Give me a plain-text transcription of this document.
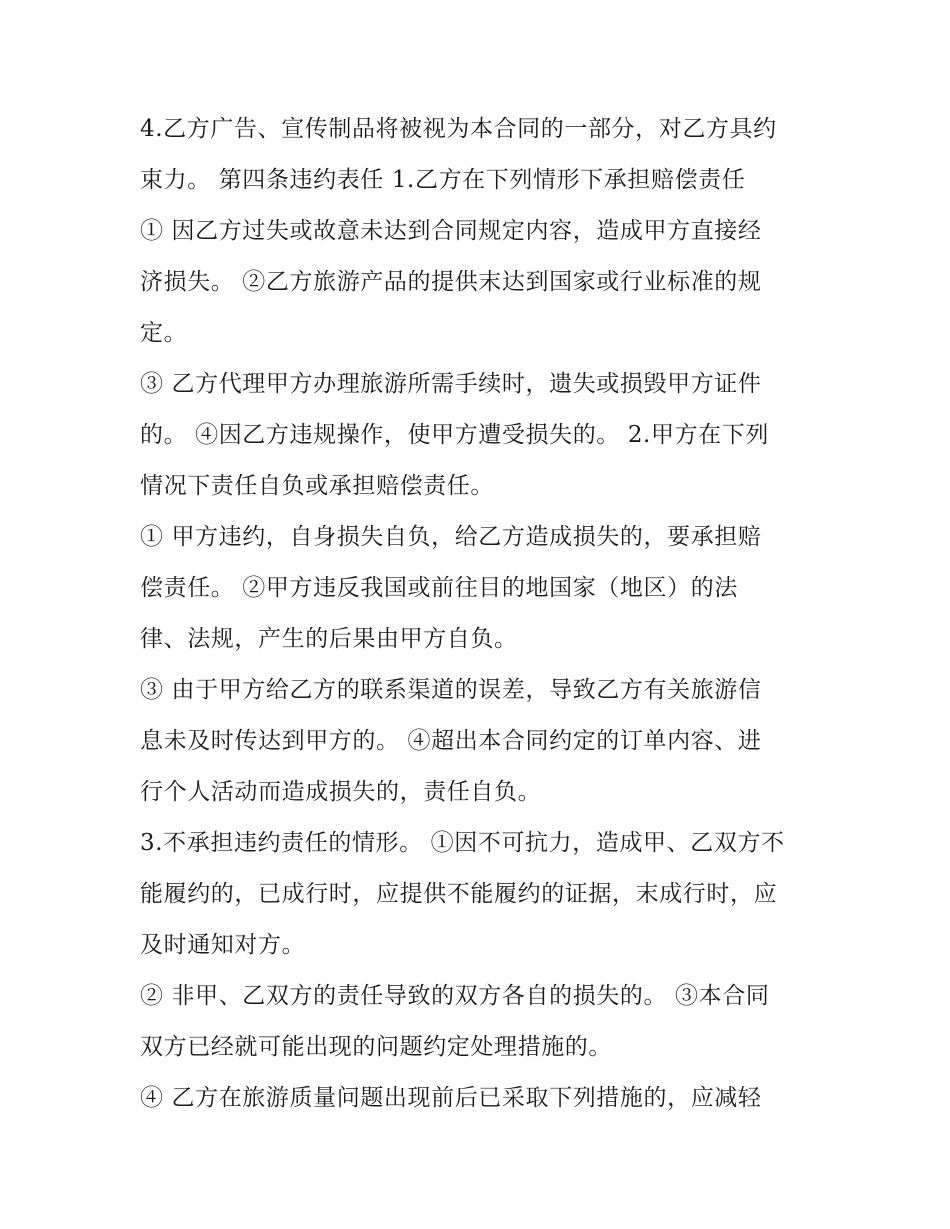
4.乙方广告、宣传制品将被视为本合同的一部分，对乙方具约
束力。 第四条违约表任 1.乙方在下列情形下承担赔偿责任
① 因乙方过失或故意未达到合同规定内容，造成甲方直接经
济损失。 ②乙方旅游产品的提供末达到国家或行业标准的规
定。
③ 乙方代理甲方办理旅游所需手续时，遗失或损毁甲方证件
的。 ④因乙方违规操作，使甲方遭受损失的。 2.甲方在下列
情况下责任自负或承担赔偿责任。
① 甲方违约，自身损失自负，给乙方造成损失的，要承担赔
偿责任。 ②甲方违反我国或前往目的地国家（地区）的法
律、法规，产生的后果由甲方自负。
③ 由于甲方给乙方的联系渠道的误差，导致乙方有关旅游信
息未及时传达到甲方的。 ④超出本合同约定的订单内容、进
行个人活动而造成损失的，责任自负。
3.不承担违约责任的情形。 ①因不可抗力，造成甲、乙双方不
能履约的，已成行时，应提供不能履约的证据，末成行时，应
及时通知对方。
② 非甲、乙双方的责任导致的双方各自的损失的。 ③本合同
双方已经就可能出现的问题约定处理措施的。
④ 乙方在旅游质量问题出现前后已采取下列措施的，应减轻
